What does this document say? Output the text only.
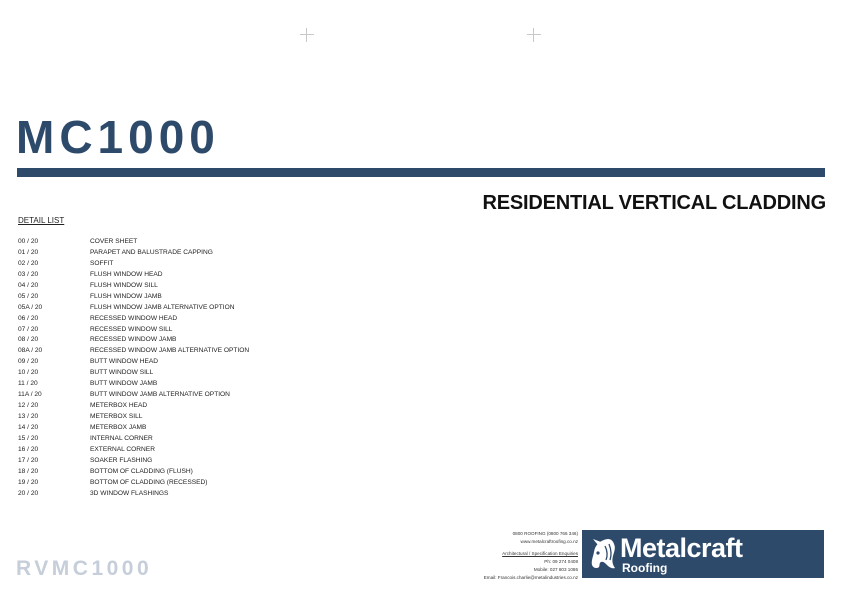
MC1000
RESIDENTIAL VERTICAL CLADDING
DETAIL LIST
00 / 20	COVER SHEET
01 / 20	PARAPET AND BALUSTRADE CAPPING
02 / 20	SOFFIT
03 / 20	FLUSH WINDOW HEAD
04 / 20	FLUSH WINDOW SILL
05 / 20	FLUSH WINDOW JAMB
05A / 20	FLUSH WINDOW JAMB ALTERNATIVE OPTION
06 / 20	RECESSED WINDOW HEAD
07 / 20	RECESSED WINDOW SILL
08 / 20	RECESSED WINDOW JAMB
08A / 20	RECESSED WINDOW JAMB ALTERNATIVE OPTION
09 / 20	BUTT WINDOW HEAD
10 / 20	BUTT WINDOW SILL
11 / 20	BUTT WINDOW JAMB
11A / 20	BUTT WINDOW JAMB ALTERNATIVE OPTION
12 / 20	METERBOX HEAD
13 / 20	METERBOX SILL
14 / 20	METERBOX JAMB
15 / 20	INTERNAL CORNER
16 / 20	EXTERNAL CORNER
17 / 20	SOAKER FLASHING
18 / 20	BOTTOM OF CLADDING (FLUSH)
19 / 20	BOTTOM OF CLADDING (RECESSED)
20 / 20	3D WINDOW FLASHINGS
RVMC1000
0800 ROOFING (0800 766 346)
www.metalcraftroofing.co.nz
Architectural / Specification Enquiries
Ph: 09 274 0408
Mobile: 027 803 1086
Email: Francois.charlie@metalindustries.co.nz
Metalcraft
Roofing
